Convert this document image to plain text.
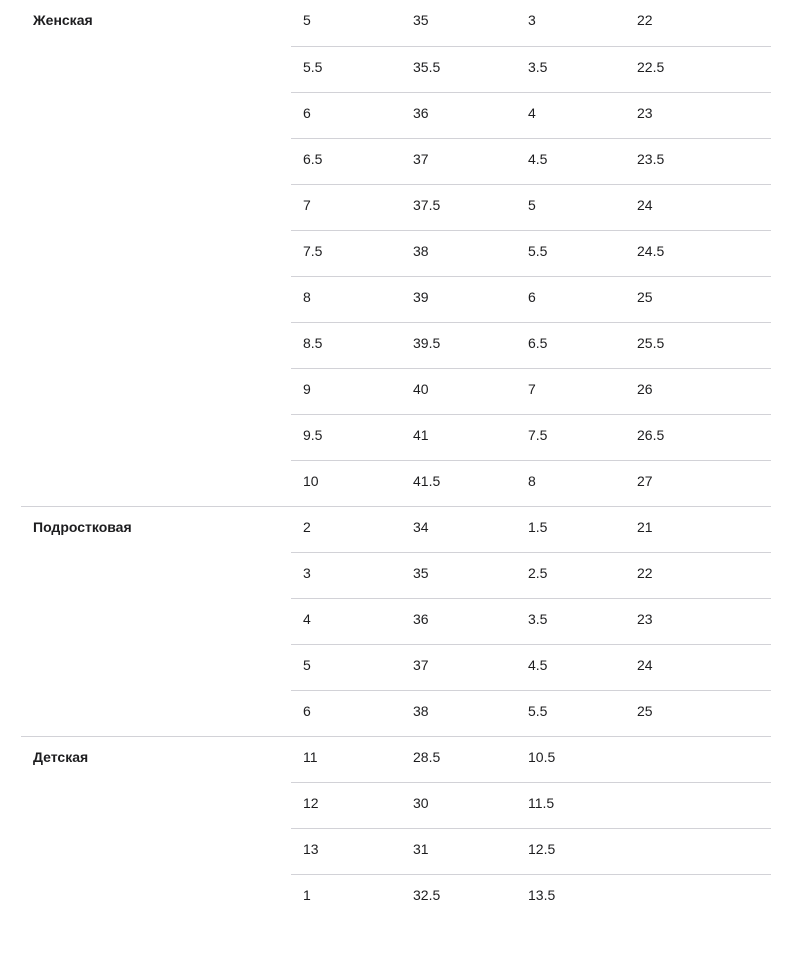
Женская	5	35	3	22
	5.5	35.5	3.5	22.5
	6	36	4	23
	6.5	37	4.5	23.5
	7	37.5	5	24
	7.5	38	5.5	24.5
	8	39	6	25
	8.5	39.5	6.5	25.5
	9	40	7	26
	9.5	41	7.5	26.5
	10	41.5	8	27
Подростковая	2	34	1.5	21
	3	35	2.5	22
	4	36	3.5	23
	5	37	4.5	24
	6	38	5.5	25
Детская	11	28.5	10.5	
	12	30	11.5	
	13	31	12.5	
	1	32.5	13.5	
